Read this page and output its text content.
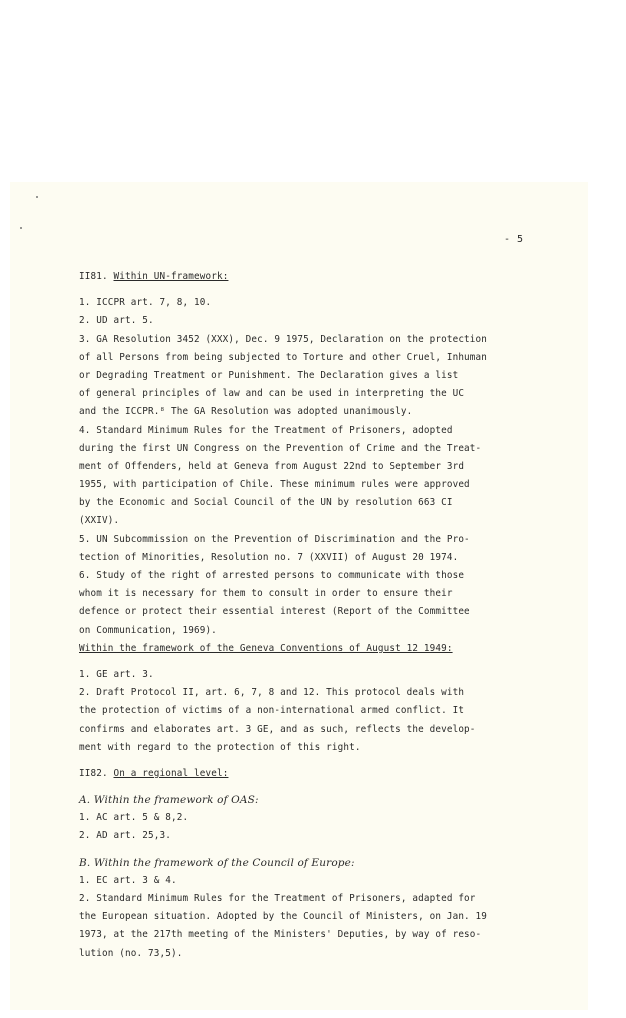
- 5
II81. Within UN-framework:
1. ICCPR art. 7, 8, 10.
2. UD art. 5.
3. GA Resolution 3452 (XXX), Dec. 9 1975, Declaration on the protection
of all Persons from being subjected to Torture and other Cruel, Inhuman
or Degrading Treatment or Punishment. The Declaration gives a list
of general principles of law and can be used in interpreting the UC
and the ICCPR.⁸ The GA Resolution was adopted unanimously.
4. Standard Minimum Rules for the Treatment of Prisoners, adopted
during the first UN Congress on the Prevention of Crime and the Treat-
ment of Offenders, held at Geneva from August 22nd to September 3rd
1955, with participation of Chile. These minimum rules were approved
by the Economic and Social Council of the UN by resolution 663 CI
(XXIV).
5. UN Subcommission on the Prevention of Discrimination and the Pro-
tection of Minorities, Resolution no. 7 (XXVII) of August 20 1974.
6. Study of the right of arrested persons to communicate with those
whom it is necessary for them to consult in order to ensure their
defence or protect their essential interest (Report of the Committee
on Communication, 1969).
Within the framework of the Geneva Conventions of August 12 1949:
1. GE art. 3.
2. Draft Protocol II, art. 6, 7, 8 and 12. This protocol deals with
the protection of victims of a non-international armed conflict. It
confirms and elaborates art. 3 GE, and as such, reflects the develop-
ment with regard to the protection of this right.
II82. On a regional level:
A. Within the framework of OAS:
1. AC art. 5 & 8,2.
2. AD art. 25,3.
B. Within the framework of the Council of Europe:
1. EC art. 3 & 4.
2. Standard Minimum Rules for the Treatment of Prisoners, adapted for
the European situation. Adopted by the Council of Ministers, on Jan. 19
1973, at the 217th meeting of the Ministers' Deputies, by way of reso-
lution (no. 73,5).
